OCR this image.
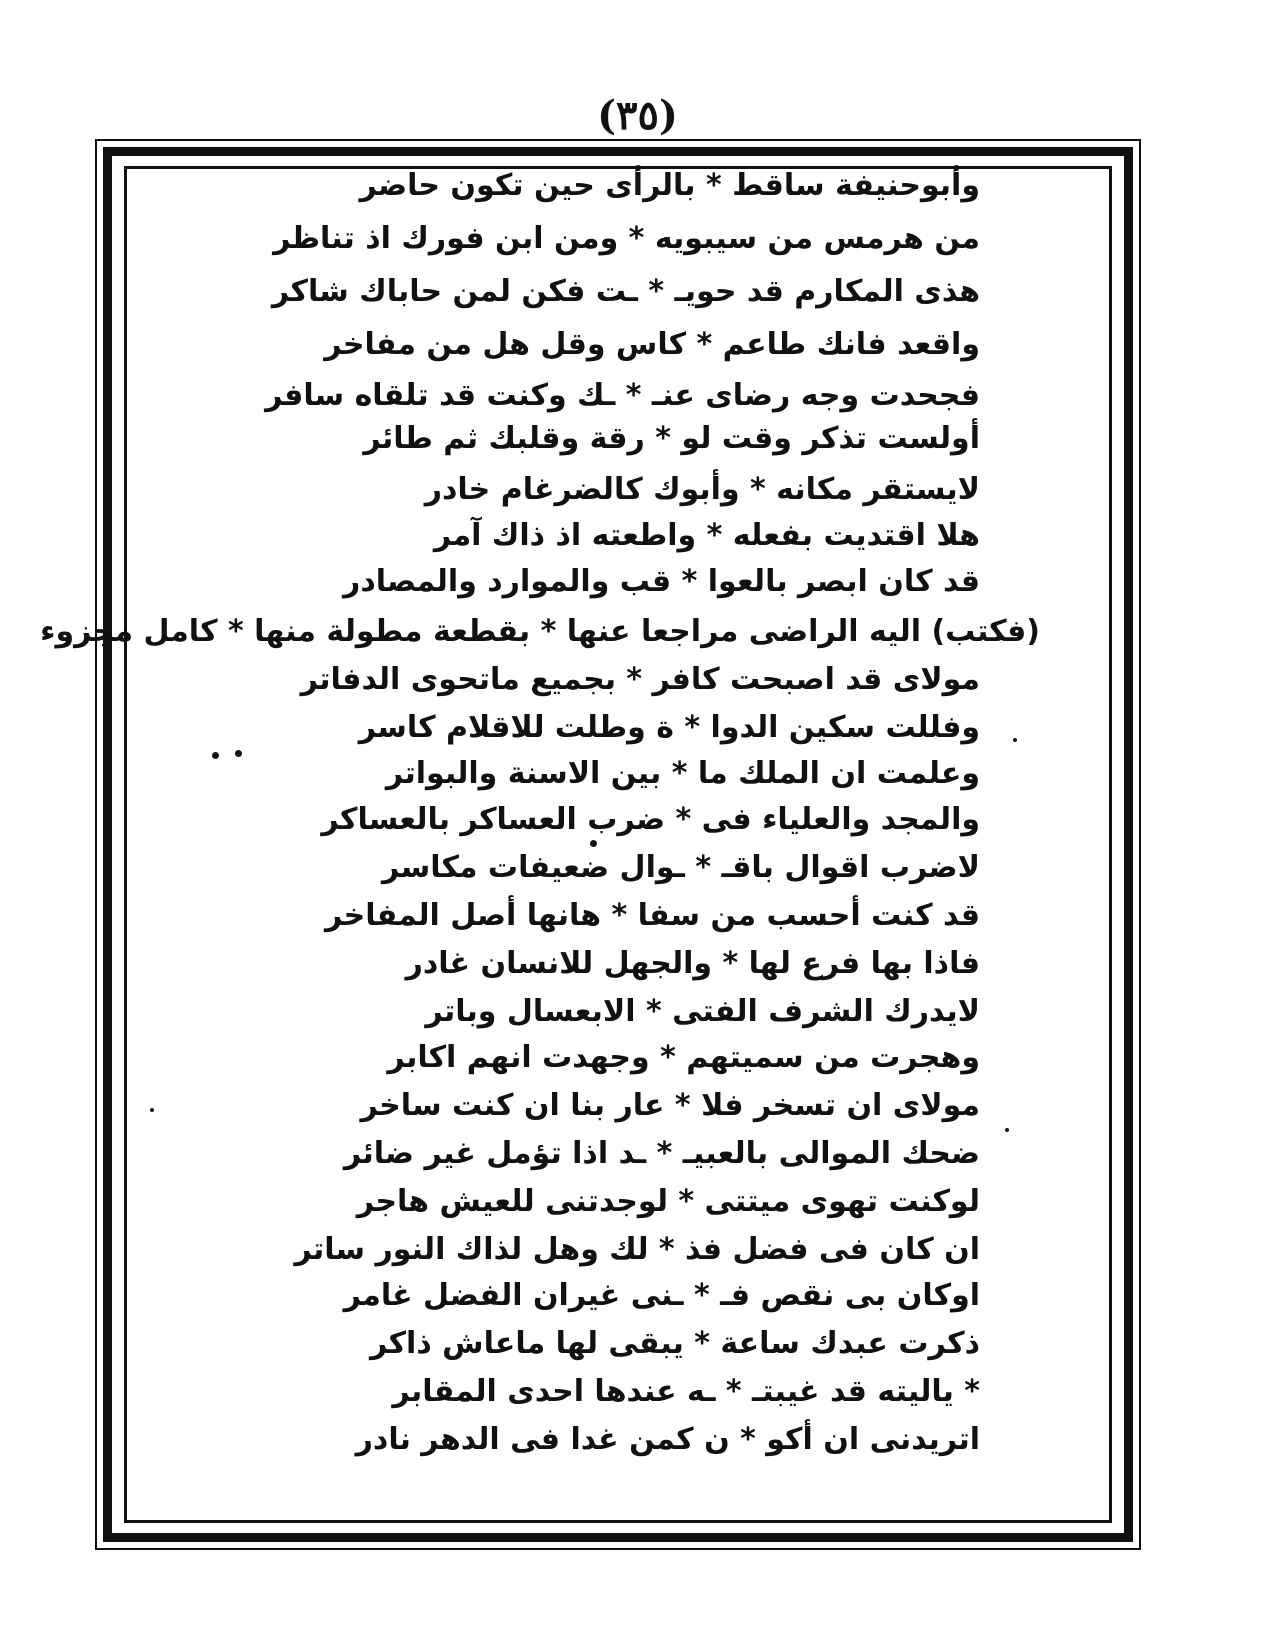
(٣٥)
وأبوحنيفة ساقط * بالرأى حين تكون حاضر
من هرمس من سيبويه * ومن ابن فورك اذ تناظر
هذى المكارم قد حويـ * ـت فكن لمن حاباك شاكر
واقعد فانك طاعم * كاس وقل هل من مفاخر
فجحدت وجه رضاى عنـ * ـك وكنت قد تلقاه سافر
أولست تذكر وقت لو * رقة وقلبك ثم طائر
لايستقر مكانه * وأبوك كالضرغام خادر
هلا اقتديت بفعله * واطعته اذ ذاك آمر
قد كان ابصر بالعوا * قب والموارد والمصادر
(فكتب) اليه الراضى مراجعا عنها * بقطعة مطولة منها * كامل مجزوء
مولاى قد اصبحت كافر * بجميع ماتحوى الدفاتر
وفللت سكين الدوا * ة وطلت للاقلام كاسر
وعلمت ان الملك ما * بين الاسنة والبواتر
والمجد والعلياء فى * ضرب العساكر بالعساكر
لاضرب اقوال باقـ * ـوال ضعيفات مكاسر
قد كنت أحسب من سفا * هانها أصل المفاخر
فاذا بها فرع لها * والجهل للانسان غادر
لايدرك الشرف الفتى * الابعسال وباتر
وهجرت من سميتهم * وجهدت انهم اكابر
مولاى ان تسخر فلا * عار بنا ان كنت ساخر
ضحك الموالى بالعبيـ * ـد اذا تؤمل غير ضائر
لوكنت تهوى ميتتى * لوجدتنى للعيش هاجر
ان كان فى فضل فذ * لك وهل لذاك النور ساتر
اوكان بى نقص فـ * ـنى غيران الفضل غامر
ذكرت عبدك ساعة * يبقى لها ماعاش ذاكر
* ياليته قد غيبتـ * ـه عندها احدى المقابر
اتريدنى ان أكو * ن كمن غدا فى الدهر نادر
